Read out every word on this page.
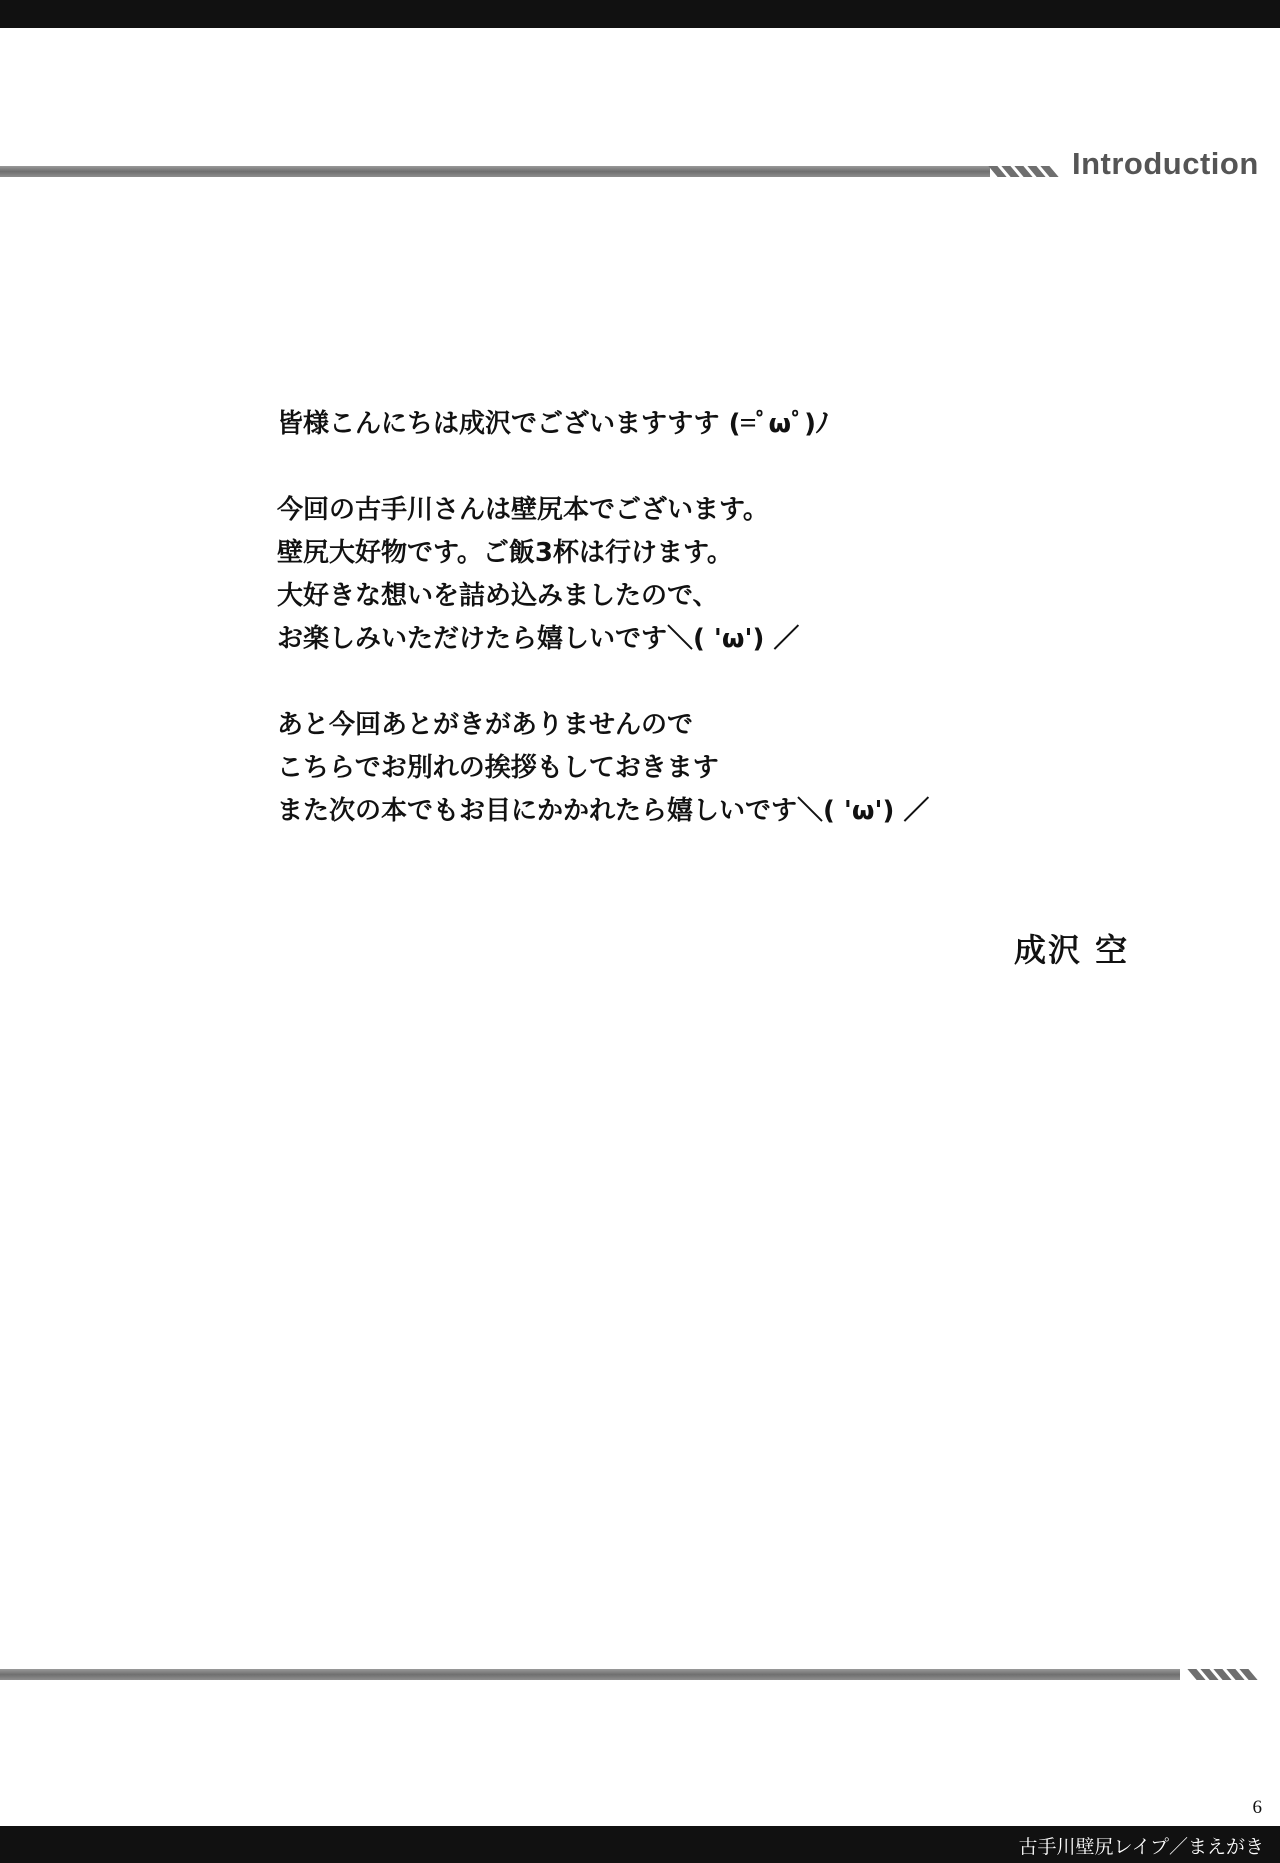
Introduction

皆様こんにちは成沢でございますすす (=ﾟωﾟ)ﾉ

今回の古手川さんは壁尻本でございます。
壁尻大好物です。ご飯3杯は行けます。
大好きな想いを詰め込みましたので、
お楽しみいただけたら嬉しいです＼( 'ω') ／

あと今回あとがきがありませんので
こちらでお別れの挨拶もしておきます
また次の本でもお目にかかれたら嬉しいです＼( 'ω') ／

成沢 空
6
古手川壁尻レイプ／まえがき
